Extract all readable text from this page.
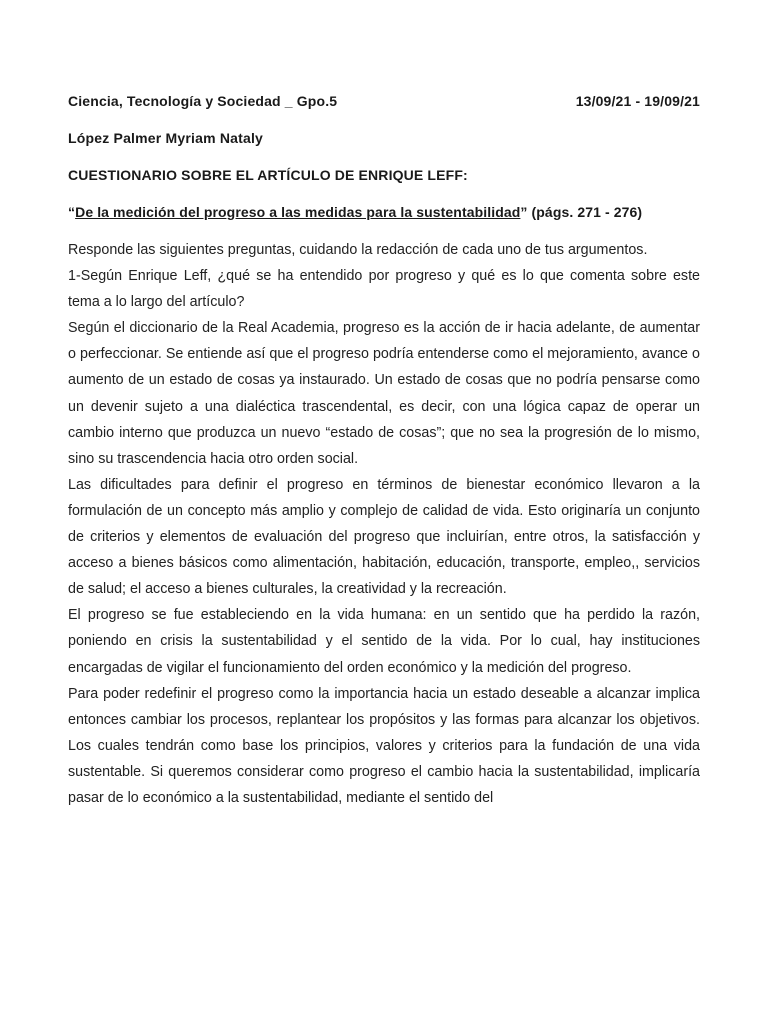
Ciencia, Tecnología y Sociedad _ Gpo.5	13/09/21 - 19/09/21
López Palmer Myriam Nataly
CUESTIONARIO SOBRE EL ARTÍCULO DE ENRIQUE LEFF:
“De la medición del progreso a las medidas para la sustentabilidad” (págs. 271 - 276)

Responde las siguientes preguntas, cuidando la redacción de cada uno de tus argumentos.

1-Según Enrique Leff, ¿qué se ha entendido por progreso y qué es lo que comenta sobre este tema a lo largo del artículo?

Según el diccionario de la Real Academia, progreso es la acción de ir hacia adelante, de aumentar o perfeccionar. Se entiende así que el progreso podría entenderse como el mejoramiento, avance o aumento de un estado de cosas ya instaurado. Un estado de cosas que no podría pensarse como un devenir sujeto a una dialéctica trascendental, es decir, con una lógica capaz de operar un cambio interno que produzca un nuevo “estado de cosas”; que no sea la progresión de lo mismo, sino su trascendencia hacia otro orden social.

Las dificultades para definir el progreso en términos de bienestar económico llevaron a la formulación de un concepto más amplio y complejo de calidad de vida. Esto originaría un conjunto de criterios y elementos de evaluación del progreso que incluirían, entre otros, la satisfacción y acceso a bienes básicos como alimentación, habitación, educación, transporte, empleo,, servicios de salud; el acceso a bienes culturales, la creatividad y la recreación.

El progreso se fue estableciendo en la vida humana: en un sentido que ha perdido la razón, poniendo en crisis la sustentabilidad y el sentido de la vida. Por lo cual, hay instituciones encargadas de vigilar el funcionamiento del orden económico y la medición del progreso.

Para poder redefinir el progreso como la importancia hacia un estado deseable a alcanzar implica entonces cambiar los procesos, replantear los propósitos y las formas para alcanzar los objetivos. Los cuales tendrán como base los principios, valores y criterios para la fundación de una vida sustentable. Si queremos considerar como progreso el cambio hacia la sustentabilidad, implicaría pasar de lo económico a la sustentabilidad, mediante el sentido del
